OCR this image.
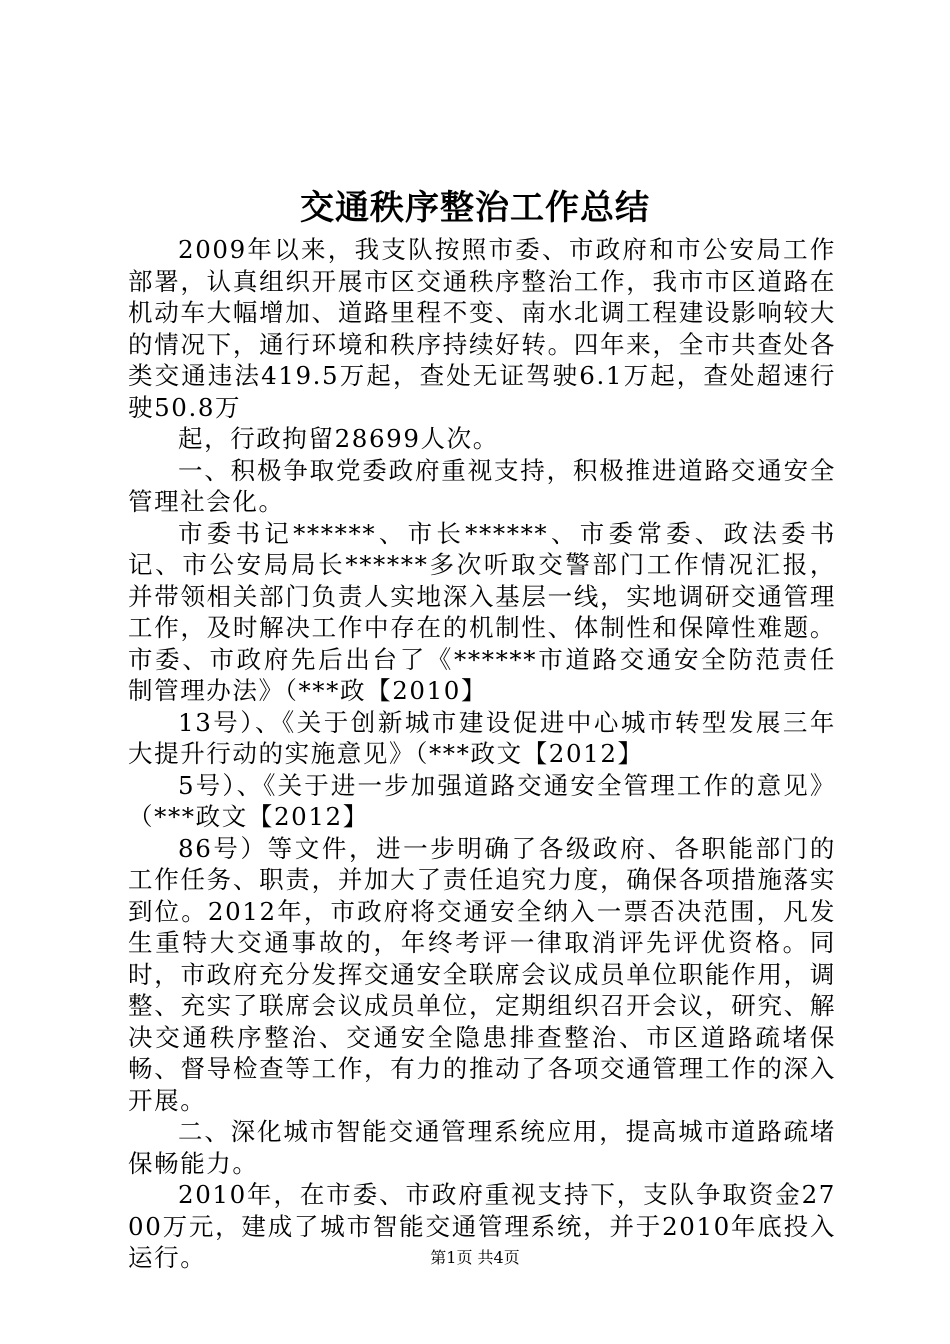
交通秩序整治工作总结

2009年以来，我支队按照市委、市政府和市公安局工作部署，认真组织开展市区交通秩序整治工作，我市市区道路在机动车大幅增加、道路里程不变、南水北调工程建设影响较大的情况下，通行环境和秩序持续好转。四年来，全市共查处各类交通违法419.5万起，查处无证驾驶6.1万起，查处超速行驶50.8万

起，行政拘留28699人次。

一、积极争取党委政府重视支持，积极推进道路交通安全管理社会化。

市委书记******、市长******、市委常委、政法委书记、市公安局局长******多次听取交警部门工作情况汇报，并带领相关部门负责人实地深入基层一线，实地调研交通管理工作，及时解决工作中存在的机制性、体制性和保障性难题。市委、市政府先后出台了《******市道路交通安全防范责任制管理办法》（***政【2010】

13号）、《关于创新城市建设促进中心城市转型发展三年大提升行动的实施意见》（***政文【2012】

5号）、《关于进一步加强道路交通安全管理工作的意见》（***政文【2012】

86号）等文件，进一步明确了各级政府、各职能部门的工作任务、职责，并加大了责任追究力度，确保各项措施落实到位。2012年，市政府将交通安全纳入一票否决范围，凡发生重特大交通事故的，年终考评一律取消评先评优资格。同时，市政府充分发挥交通安全联席会议成员单位职能作用，调整、充实了联席会议成员单位，定期组织召开会议，研究、解决交通秩序整治、交通安全隐患排查整治、市区道路疏堵保畅、督导检查等工作，有力的推动了各项交通管理工作的深入开展。

二、深化城市智能交通管理系统应用，提高城市道路疏堵保畅能力。

2010年，在市委、市政府重视支持下，支队争取资金2700万元，建成了城市智能交通管理系统，并于2010年底投入运行。	第1页 共4页
